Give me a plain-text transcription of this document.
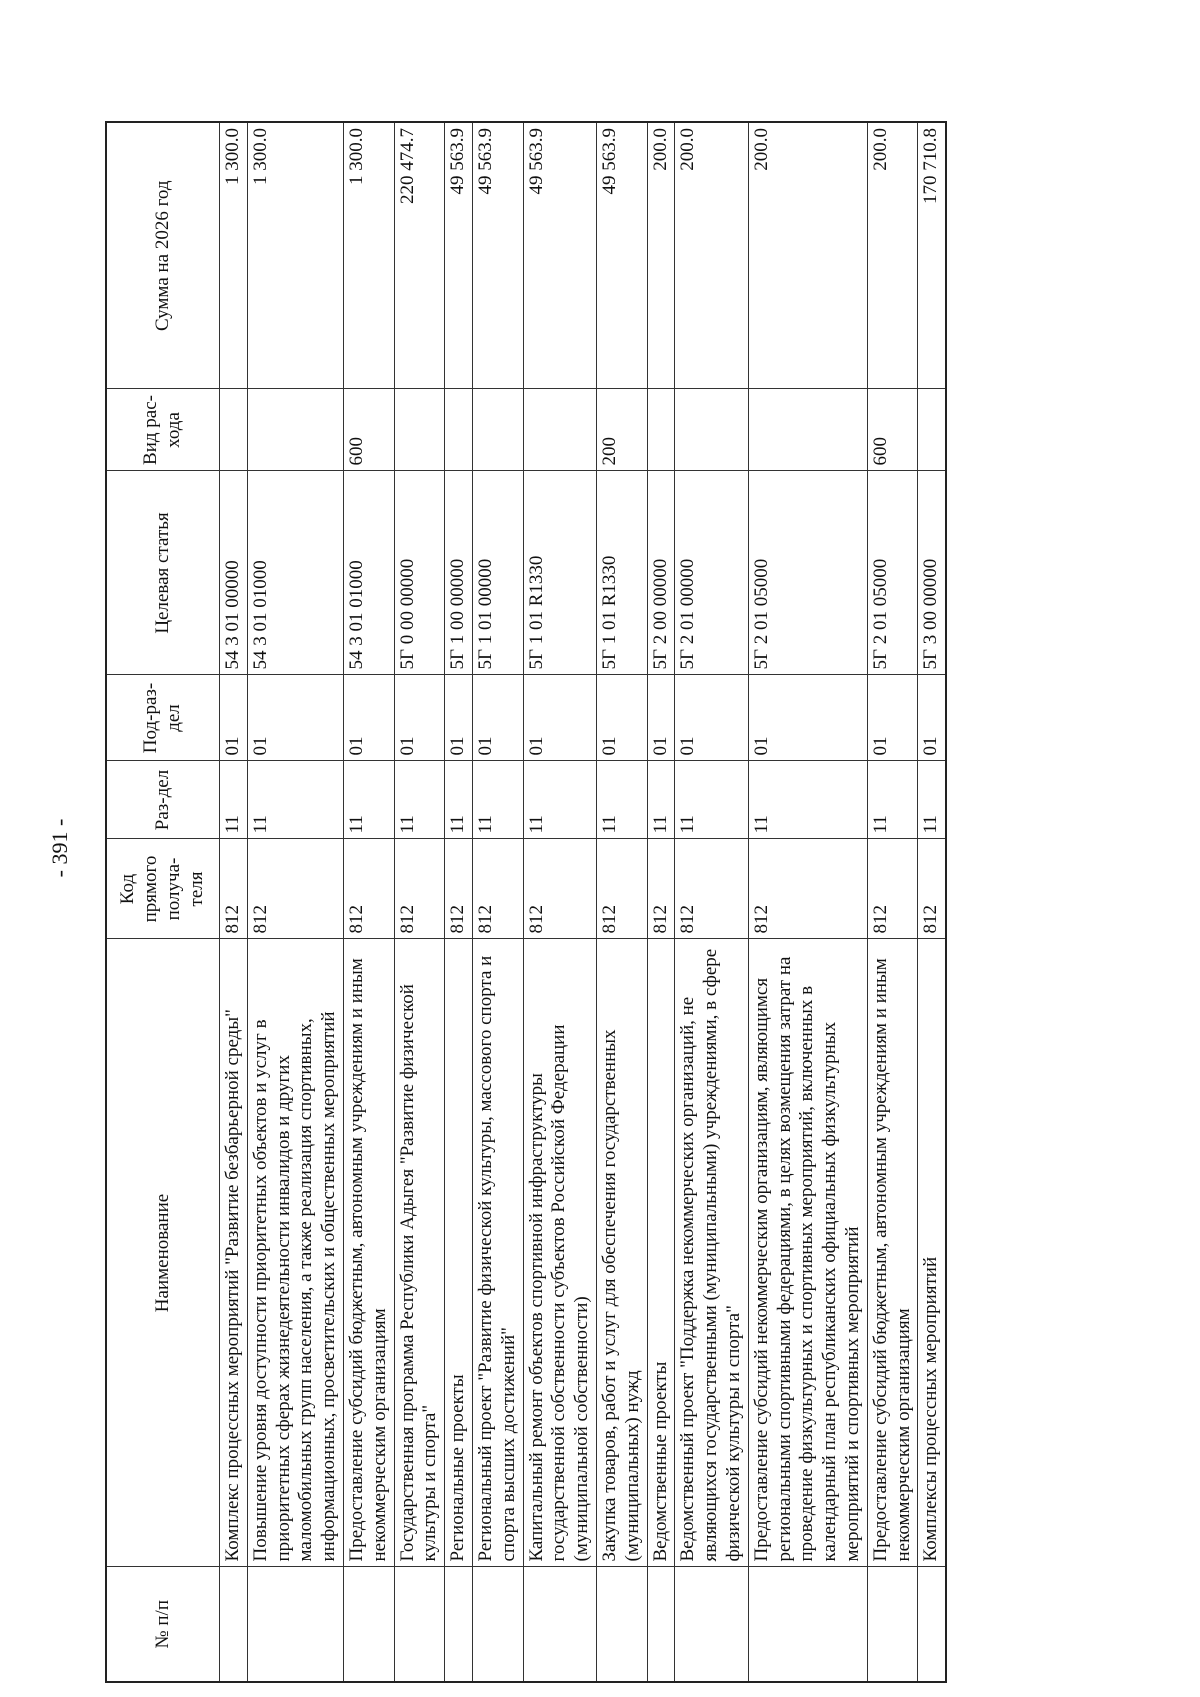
- 391 -
№ п/п	Наименование	Код прямого получа-теля	Раз-дел	Под-раз-дел	Целевая статья	Вид рас-хода	Сумма на 2026 год
	Комплекс процессных мероприятий "Развитие безбарьерной среды"	812	11	01	54 3 01 00000		1 300.0
	Повышение уровня доступности приоритетных объектов и услуг в приоритетных сферах жизнедеятельности инвалидов и других маломобильных групп населения, а также реализация спортивных, информационных, просветительских и общественных мероприятий	812	11	01	54 3 01 01000		1 300.0
	Предоставление субсидий бюджетным, автономным учреждениям и иным некоммерческим организациям	812	11	01	54 3 01 01000	600	1 300.0
	Государственная программа Республики Адыгея "Развитие физической культуры и спорта"	812	11	01	5Г 0 00 00000		220 474.7
	Региональные проекты	812	11	01	5Г 1 00 00000		49 563.9
	Региональный проект "Развитие физической культуры, массового спорта и спорта высших достижений"	812	11	01	5Г 1 01 00000		49 563.9
	Капитальный ремонт объектов спортивной инфраструктуры государственной собственности субъектов Российской Федерации (муниципальной собственности)	812	11	01	5Г 1 01 R1330		49 563.9
	Закупка товаров, работ и услуг для обеспечения государственных (муниципальных) нужд	812	11	01	5Г 1 01 R1330	200	49 563.9
	Ведомственные проекты	812	11	01	5Г 2 00 00000		200.0
	Ведомственный проект "Поддержка некоммерческих организаций, не являющихся государственными (муниципальными) учреждениями, в сфере физической культуры и спорта"	812	11	01	5Г 2 01 00000		200.0
	Предоставление субсидий некоммерческим организациям, являющимся региональными спортивными федерациями, в целях возмещения затрат на проведение физкультурных и спортивных мероприятий, включенных в календарный план республиканских официальных физкультурных мероприятий и спортивных мероприятий	812	11	01	5Г 2 01 05000		200.0
	Предоставление субсидий бюджетным, автономным учреждениям и иным некоммерческим организациям	812	11	01	5Г 2 01 05000	600	200.0
	Комплексы процессных мероприятий	812	11	01	5Г 3 00 00000		170 710.8
